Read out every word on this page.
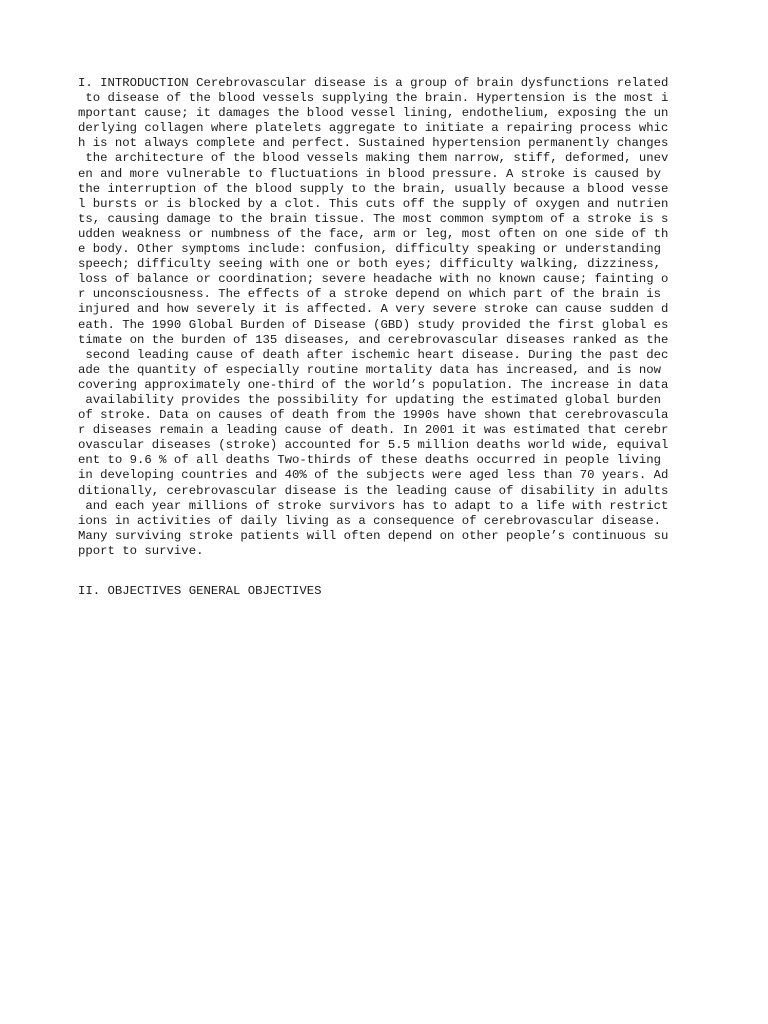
I. INTRODUCTION Cerebrovascular disease is a group of brain dysfunctions related
to disease of the blood vessels supplying the brain. Hypertension is the most i
mportant cause; it damages the blood vessel lining, endothelium, exposing the un
derlying collagen where platelets aggregate to initiate a repairing process whic
h is not always complete and perfect. Sustained hypertension permanently changes
the architecture of the blood vessels making them narrow, stiff, deformed, unev
en and more vulnerable to fluctuations in blood pressure. A stroke is caused by
the interruption of the blood supply to the brain, usually because a blood vesse
l bursts or is blocked by a clot. This cuts off the supply of oxygen and nutrien
ts, causing damage to the brain tissue. The most common symptom of a stroke is s
udden weakness or numbness of the face, arm or leg, most often on one side of th
e body. Other symptoms include: confusion, difficulty speaking or understanding
speech; difficulty seeing with one or both eyes; difficulty walking, dizziness,
loss of balance or coordination; severe headache with no known cause; fainting o
r unconsciousness. The effects of a stroke depend on which part of the brain is
injured and how severely it is affected. A very severe stroke can cause sudden d
eath. The 1990 Global Burden of Disease (GBD) study provided the first global es
timate on the burden of 135 diseases, and cerebrovascular diseases ranked as the
second leading cause of death after ischemic heart disease. During the past dec
ade the quantity of especially routine mortality data has increased, and is now
covering approximately one-third of the world’s population. The increase in data
availability provides the possibility for updating the estimated global burden
of stroke. Data on causes of death from the 1990s have shown that cerebrovascula
r diseases remain a leading cause of death. In 2001 it was estimated that cerebr
ovascular diseases (stroke) accounted for 5.5 million deaths world wide, equival
ent to 9.6 % of all deaths Two-thirds of these deaths occurred in people living
in developing countries and 40% of the subjects were aged less than 70 years. Ad
ditionally, cerebrovascular disease is the leading cause of disability in adults
and each year millions of stroke survivors has to adapt to a life with restrict
ions in activities of daily living as a consequence of cerebrovascular disease.
Many surviving stroke patients will often depend on other people’s continuous su
pport to survive.
II. OBJECTIVES GENERAL OBJECTIVES
